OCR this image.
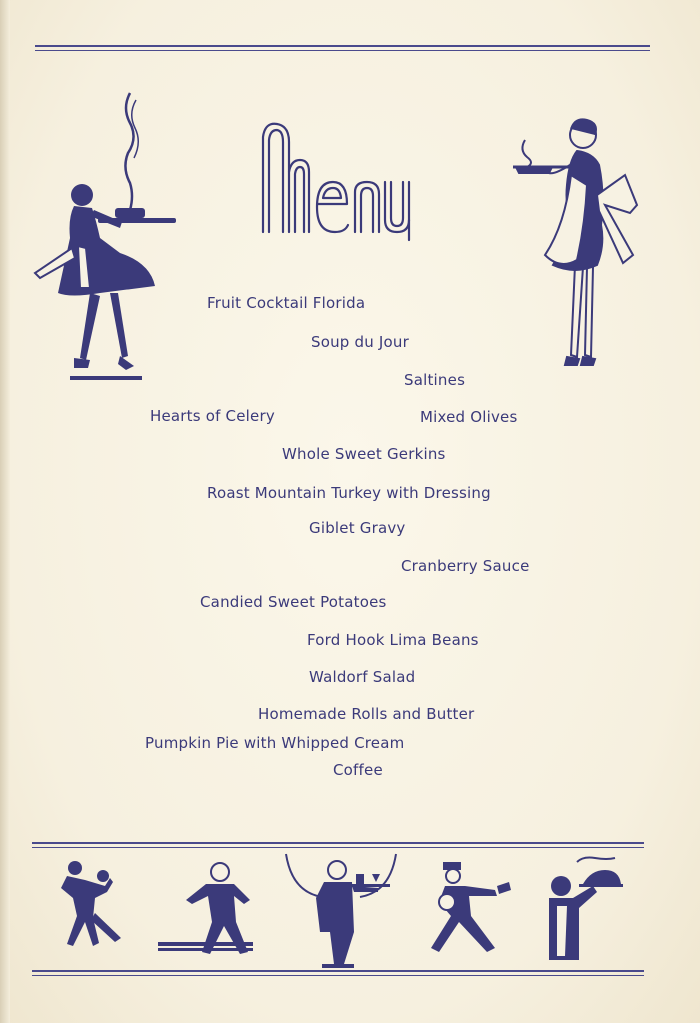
Fruit Cocktail Florida
Soup du Jour
Saltines
Hearts of Celery	Mixed Olives
Whole Sweet Gerkins
Roast Mountain Turkey with Dressing
Giblet Gravy
Cranberry Sauce
Candied Sweet Potatoes
Ford Hook Lima Beans
Waldorf Salad
Homemade Rolls and Butter
Pumpkin Pie with Whipped Cream
Coffee
